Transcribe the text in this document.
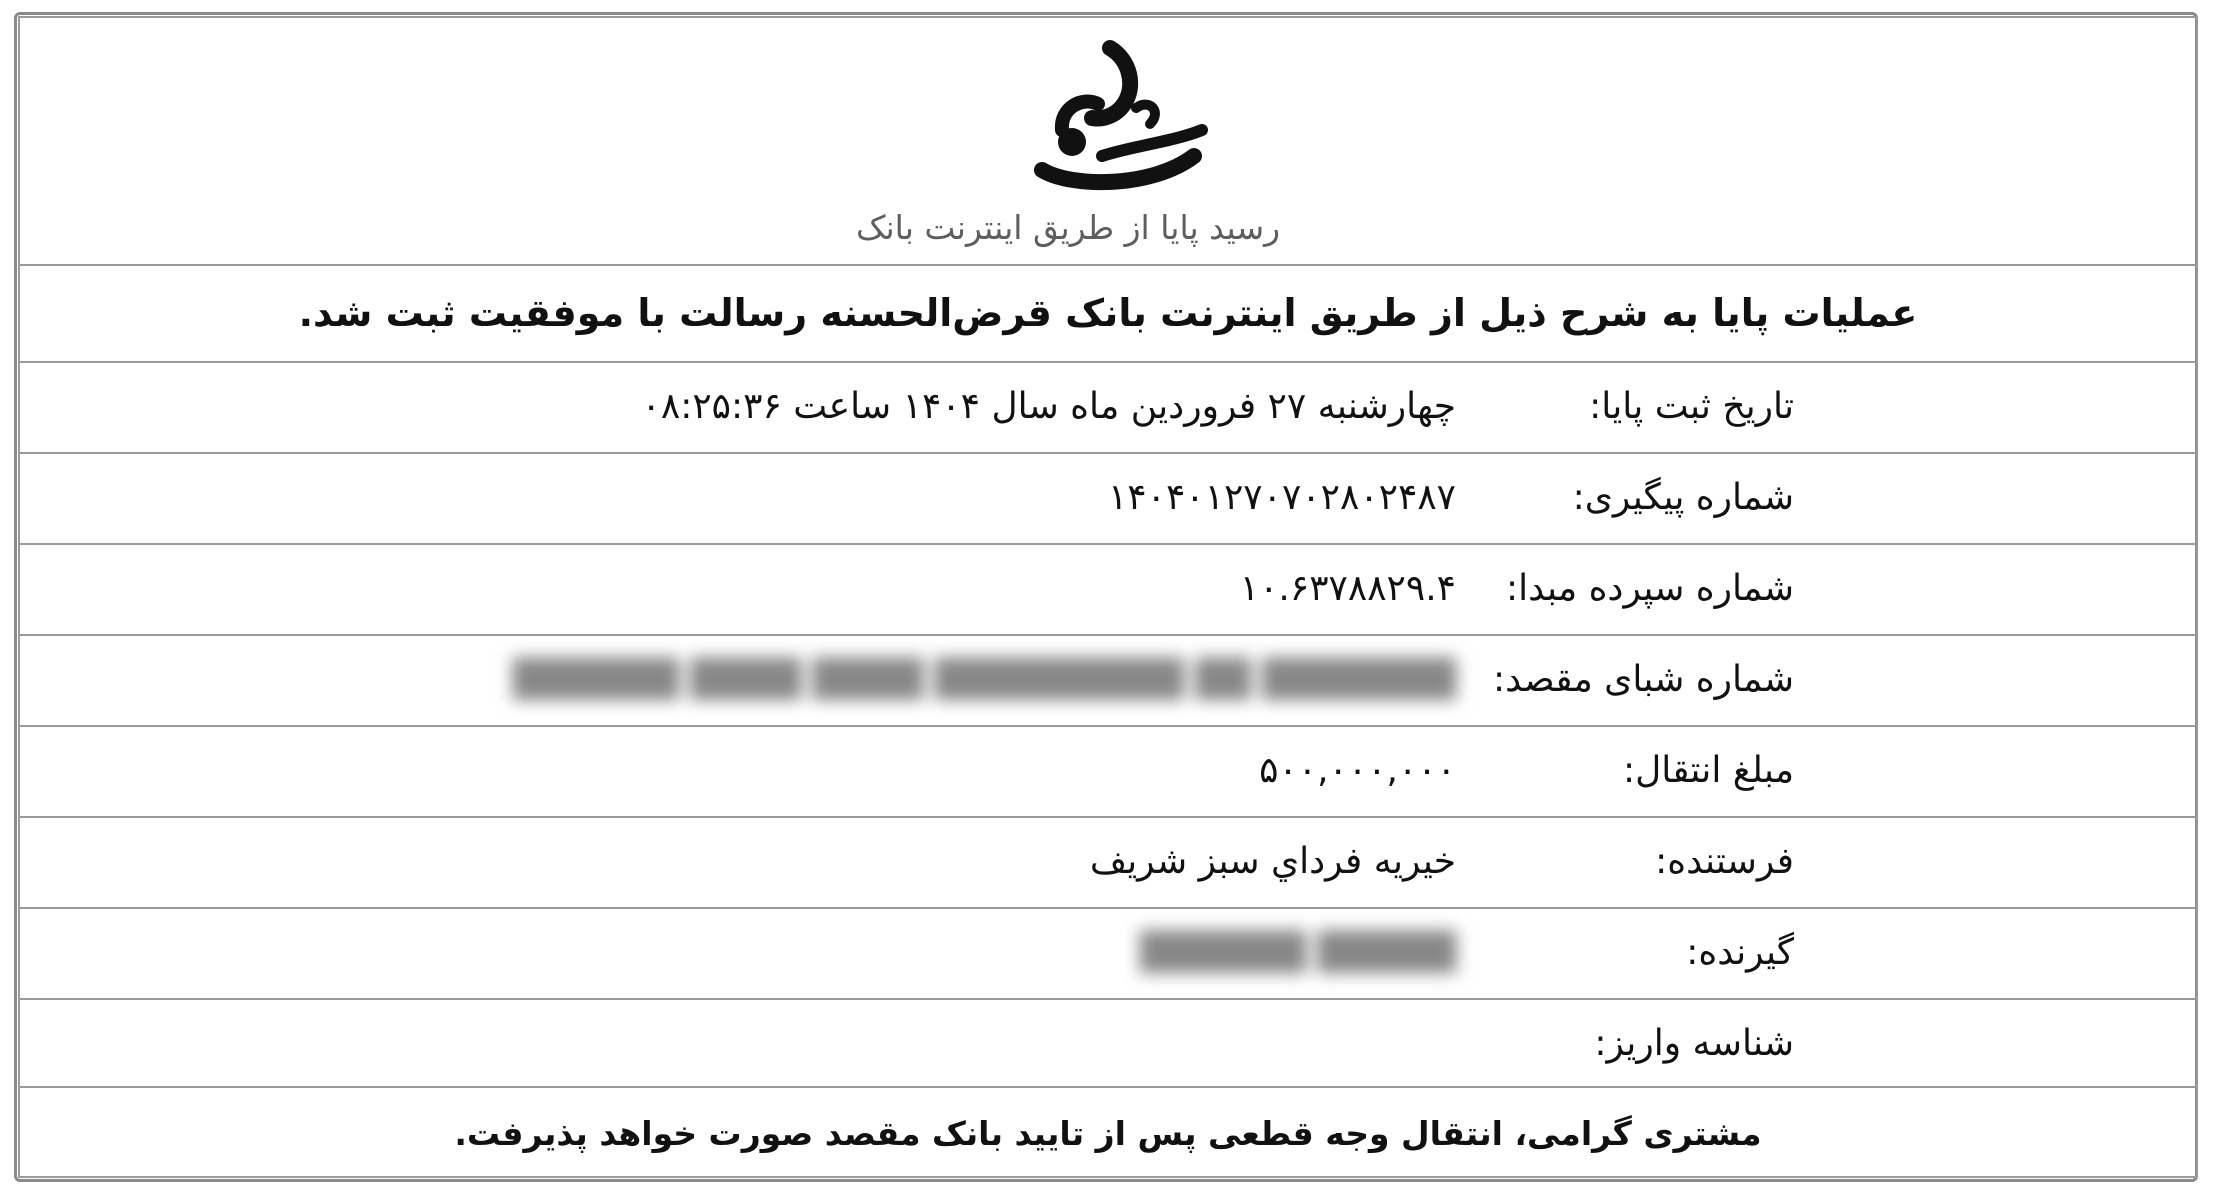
رسید پایا از طریق اینترنت بانک
عملیات پایا به شرح ذیل از طریق اینترنت بانک قرض‌الحسنه رسالت با موفقیت ثبت شد.
تاریخ ثبت پایا:
چهارشنبه ۲۷ فروردین ماه سال ۱۴۰۴ ساعت ۰۸:۲۵:۳۶
شماره پیگیری:
۱۴۰۴۰۱۲۷۰۷۰۲۸۰۲۴۸۷
شماره سپرده مبدا:
۱۰.۶۳۷۸۸۲۹.۴
شماره شبای مقصد:
███████ ██ █████████ ████ ████ ██████
مبلغ انتقال:
۵۰۰,۰۰۰,۰۰۰
فرستنده:
خیریه فرداي سبز شریف
گیرنده:
█████ ██████
شناسه واریز:
مشتری گرامی، انتقال وجه قطعی پس از تایید بانک مقصد صورت خواهد پذیرفت.
